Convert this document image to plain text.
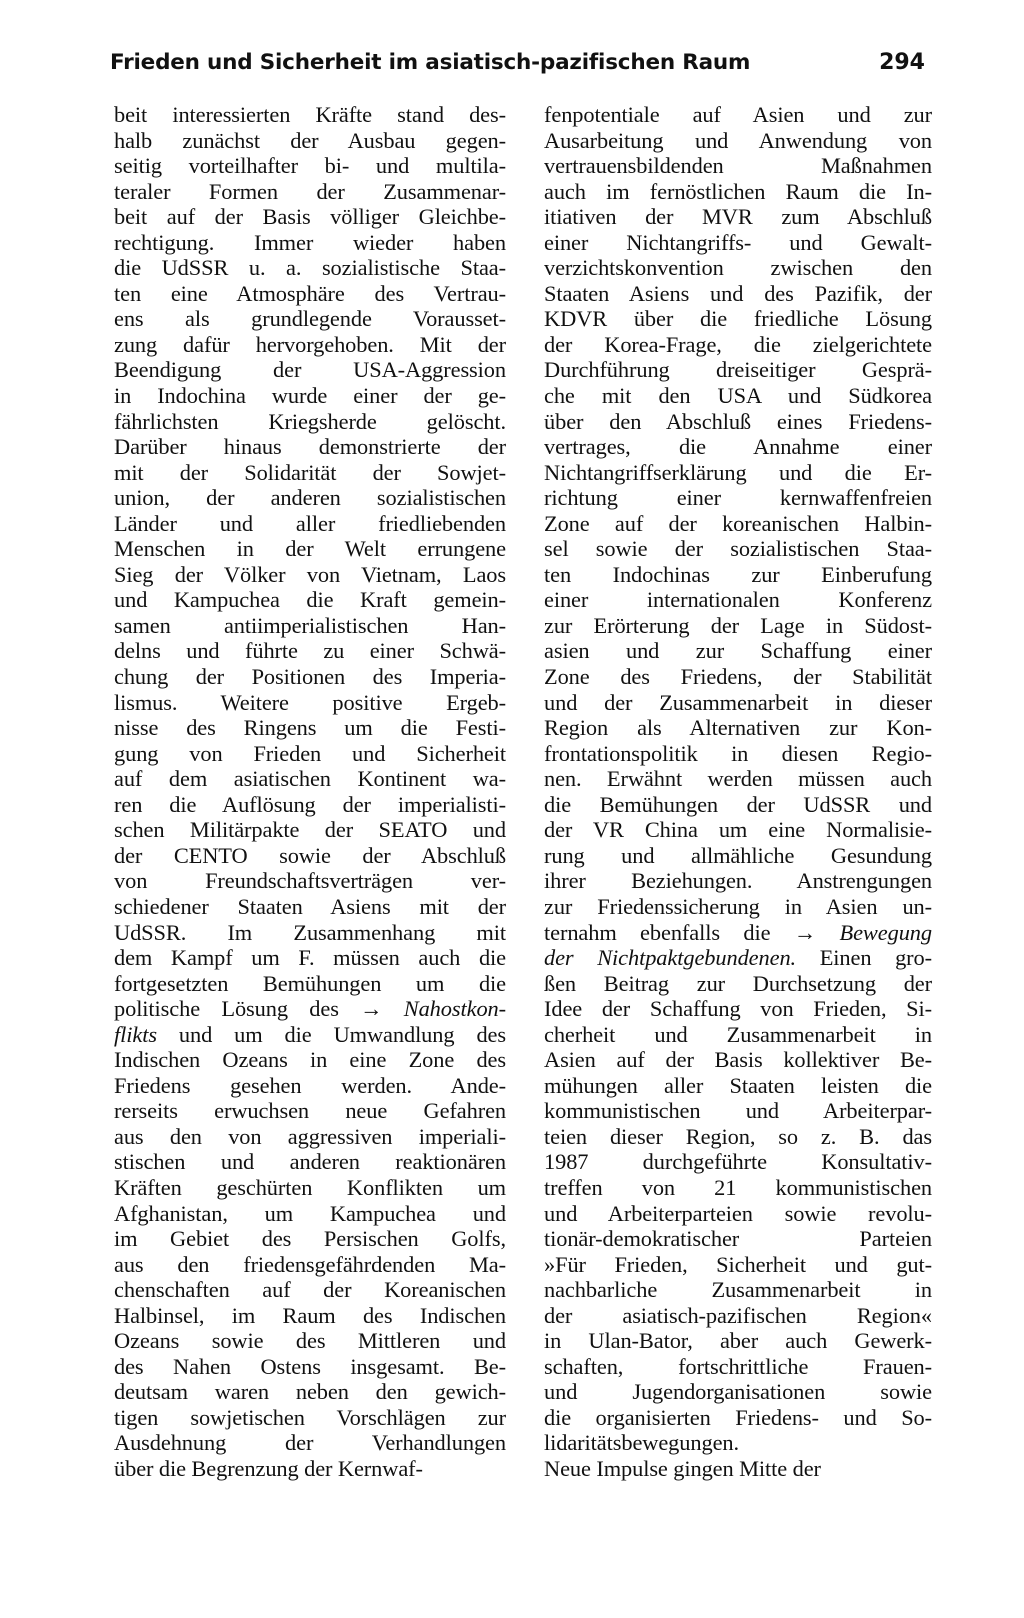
Frieden und Sicherheit im asiatisch-pazifischen Raum	294
beit interessierten Kräfte stand des-
halb zunächst der Ausbau gegen-
seitig vorteilhafter bi- und multila-
teraler Formen der Zusammenar-
beit auf der Basis völliger Gleichbe-
rechtigung. Immer wieder haben
die UdSSR u. a. sozialistische Staa-
ten eine Atmosphäre des Vertrau-
ens als grundlegende Vorausset-
zung dafür hervorgehoben. Mit der
Beendigung der USA-Aggression
in Indochina wurde einer der ge-
fährlichsten Kriegsherde gelöscht.
Darüber hinaus demonstrierte der
mit der Solidarität der Sowjet-
union, der anderen sozialistischen
Länder und aller friedliebenden
Menschen in der Welt errungene
Sieg der Völker von Vietnam, Laos
und Kampuchea die Kraft gemein-
samen antiimperialistischen Han-
delns und führte zu einer Schwä-
chung der Positionen des Imperia-
lismus. Weitere positive Ergeb-
nisse des Ringens um die Festi-
gung von Frieden und Sicherheit
auf dem asiatischen Kontinent wa-
ren die Auflösung der imperialisti-
schen Militärpakte der SEATO und
der CENTO sowie der Abschluß
von Freundschaftsverträgen ver-
schiedener Staaten Asiens mit der
UdSSR. Im Zusammenhang mit
dem Kampf um F. müssen auch die
fortgesetzten Bemühungen um die
politische Lösung des → Nahostkon-
flikts und um die Umwandlung des
Indischen Ozeans in eine Zone des
Friedens gesehen werden. Ande-
rerseits erwuchsen neue Gefahren
aus den von aggressiven imperiali-
stischen und anderen reaktionären
Kräften geschürten Konflikten um
Afghanistan, um Kampuchea und
im Gebiet des Persischen Golfs,
aus den friedensgefährdenden Ma-
chenschaften auf der Koreanischen
Halbinsel, im Raum des Indischen
Ozeans sowie des Mittleren und
des Nahen Ostens insgesamt. Be-
deutsam waren neben den gewich-
tigen sowjetischen Vorschlägen zur
Ausdehnung der Verhandlungen
über die Begrenzung der Kernwaf-
fenpotentiale auf Asien und zur
Ausarbeitung und Anwendung von
vertrauensbildenden Maßnahmen
auch im fernöstlichen Raum die In-
itiativen der MVR zum Abschluß
einer Nichtangriffs- und Gewalt-
verzichtskonvention zwischen den
Staaten Asiens und des Pazifik, der
KDVR über die friedliche Lösung
der Korea-Frage, die zielgerichtete
Durchführung dreiseitiger Gesprä-
che mit den USA und Südkorea
über den Abschluß eines Friedens-
vertrages, die Annahme einer
Nichtangriffserklärung und die Er-
richtung einer kernwaffenfreien
Zone auf der koreanischen Halbin-
sel sowie der sozialistischen Staa-
ten Indochinas zur Einberufung
einer internationalen Konferenz
zur Erörterung der Lage in Südost-
asien und zur Schaffung einer
Zone des Friedens, der Stabilität
und der Zusammenarbeit in dieser
Region als Alternativen zur Kon-
frontationspolitik in diesen Regio-
nen. Erwähnt werden müssen auch
die Bemühungen der UdSSR und
der VR China um eine Normalisie-
rung und allmähliche Gesundung
ihrer Beziehungen. Anstrengungen
zur Friedenssicherung in Asien un-
ternahm ebenfalls die → Bewegung
der Nichtpaktgebundenen. Einen gro-
ßen Beitrag zur Durchsetzung der
Idee der Schaffung von Frieden, Si-
cherheit und Zusammenarbeit in
Asien auf der Basis kollektiver Be-
mühungen aller Staaten leisten die
kommunistischen und Arbeiterpar-
teien dieser Region, so z. B. das
1987 durchgeführte Konsultativ-
treffen von 21 kommunistischen
und Arbeiterparteien sowie revolu-
tionär-demokratischer Parteien
»Für Frieden, Sicherheit und gut-
nachbarliche Zusammenarbeit in
der asiatisch-pazifischen Region«
in Ulan-Bator, aber auch Gewerk-
schaften, fortschrittliche Frauen-
und Jugendorganisationen sowie
die organisierten Friedens- und So-
lidaritätsbewegungen.
Neue Impulse gingen Mitte der
